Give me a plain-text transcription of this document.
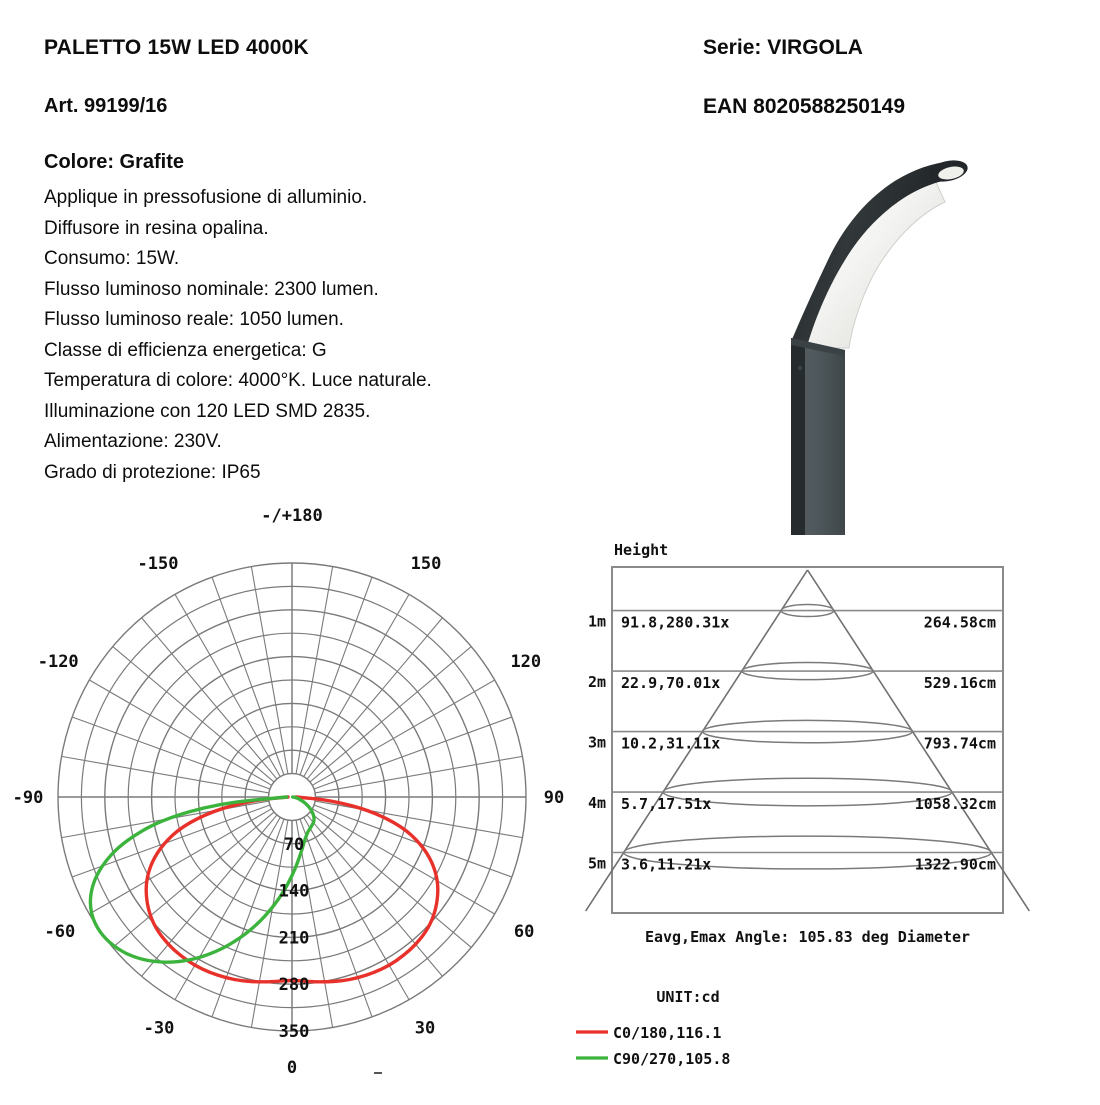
PALETTO 15W LED 4000K
Art. 99199/16
Colore: Grafite
Applique in pressofusione di alluminio.
Diffusore in resina opalina.
Consumo: 15W.
Flusso luminoso nominale: 2300 lumen.
Flusso luminoso reale: 1050 lumen.
Classe di efficienza energetica: G
Temperatura di colore: 4000°K. Luce naturale.
Illuminazione con 120 LED SMD 2835.
Alimentazione: 230V.
Grado di protezione: IP65
Serie: VIRGOLA
EAN 8020588250149
-/+180
-150	150
-120	120
-90	90
-60	60
-30	30
0
70
140
210
280
350
Height
1m 91.8,280.31x	264.58cm
2m 22.9,70.01x	529.16cm
3m 10.2,31.11x	793.74cm
4m 5.7,17.51x	1058.32cm
5m 3.6,11.21x	1322.90cm
Eavg,Emax Angle: 105.83 deg Diameter
UNIT:cd
C0/180,116.1
C90/270,105.8
